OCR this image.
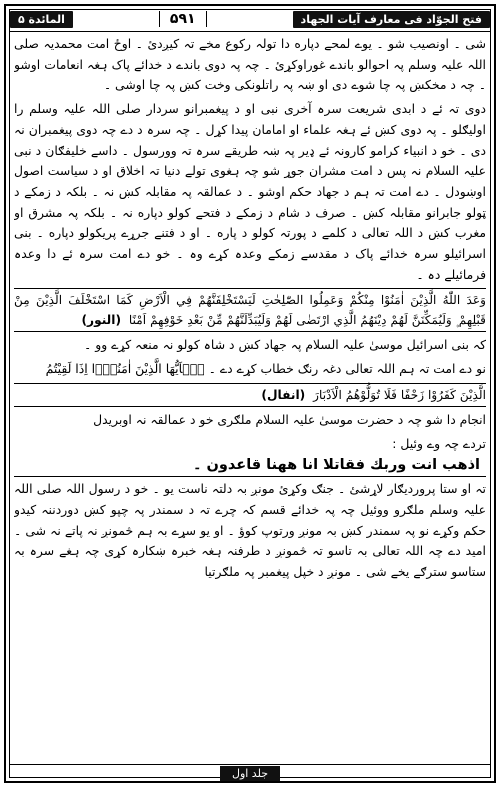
المائدة ۵	۵۹۱	فتح الجوّاد فی معارف آیات الجهاد

شی ۔ اونصیب شو ۔ یوے لمحے دپاره دا تولہ رکوع مخے تہ کیږدئ ۔ اوځ امت محمدیہ صلی اللہ علیہ وسلم پہ احوالو باندے غوراوکړئ ۔ چہ پہ دوی باندے د خدائے پاک ہغہ انعامات اوشو ۔ چہ د مخکښ پہ چا شوے دی او ښہ پہ راتلونکی وخت کښ پہ چا اوشی ۔

دوی تہ ئے د ابدی شریعت سرہ آخری نبی او د پیغمبرانو سردار صلی اللہ علیہ وسلم را اولیګلو ۔ پہ دوی کښ ئے ہغہ علماء او امامان پیدا کړل ۔ چہ سرہ د دے چہ دوی پیغمبران نہ دی ۔ خو د انبیاء کرامو کارونہ ئے ډیر پہ ښہ طریقے سرہ تہ وورسول ۔ داسے خلیفګان د نبی علیہ السلام نہ پس د امت مشران جوړ شو چہ ہغوی تولے دنیا تہ اخلاق او د سیاست اصول اوښودل ۔ دے امت تہ ہم د جهاد حکم اوشو ۔ د عمالقہ پہ مقابلہ کښ نہ ۔ بلکہ د زمکے د ټولو جابرانو مقابلہ کښ ۔ صرف د شام د زمکے د فتحے کولو دپاره نہ ۔ بلکہ پہ مشرق او مغرب کښ د اللہ تعالی د کلمے د پورتہ کولو د پاره ۔ او د فتنے جرړے پریکولو دپاره ۔ بنی اسرائیلو سرہ خدائے پاک د مقدسے زمکے وعدہ کړے وہ ۔ خو دے امت سرہ ئے دا وعدہ فرمائیلے دہ ۔

وَعَدَ اللّٰهُ الَّذِيْنَ اٰمَنُوْا مِنْكُمْ وَعَمِلُوا الصّٰلِحٰتِ لَيَسْتَخْلِفَنَّهُمْ فِي الْاَرْضِ كَمَا اسْتَخْلَفَ الَّذِيْنَ مِنْ قَبْلِهِمْ ۪ وَلَيُمَكِّنَنَّ لَهُمْ دِيْنَهُمُ الَّذِي ارْتَضٰى لَهُمْ وَلَيُبَدِّلَنَّهُمْ مِّنْ بَعْدِ خَوْفِهِمْ اَمْنًا (النور)

کہ بنی اسرائیل موسیٰ علیہ السلام پہ جهاد کښ د شاہ کولو نہ منعہ کړے وو ۔

نو دے امت تہ ہم اللہ تعالی دغہ رنګ خطاب کړے دے ۔ يٰۤاَيُّهَا الَّذِيْنَ اٰمَنُوْۤا اِذَا لَقِيْتُمُ

الَّذِيْنَ كَفَرُوْا زَحْفًا فَلَا تُوَلُّوْهُمُ الْاَدْبَارَ (انفال)

انجام دا شو چہ د حضرت موسیٰ علیہ السلام ملګری خو د عمالقہ نہ اوبریدل

تردے چہ وے وئیل :

اذهب انت وربك فقاتلا انا ههنا قاعدون ۔

تہ او ستا پروردیګار لاړشئ ۔ جنګ وکړئ مونږ بہ دلتہ ناست یو ۔ خو د رسول اللہ صلی اللہ علیہ وسلم ملګرو ووئیل چہ پہ خدائے قسم کہ چرے تہ د سمندر پہ چپو کښ دوردننہ کیدو حکم وکړے نو پہ سمندر کښ بہ مونږ ورتوپ کوؤ ۔ او یو سړے بہ ہم څمونږ نہ پاتے نہ شی ۔ امید دے چہ اللہ تعالی بہ تاسو تہ څمونږ د طرفنہ ہغہ خبرہ ښکارہ کړی چہ ہغے سرہ بہ ستاسو سترګے یخے شی ۔ مونږ د خپل پیغمبر پہ ملګرتیا

جلد اول
